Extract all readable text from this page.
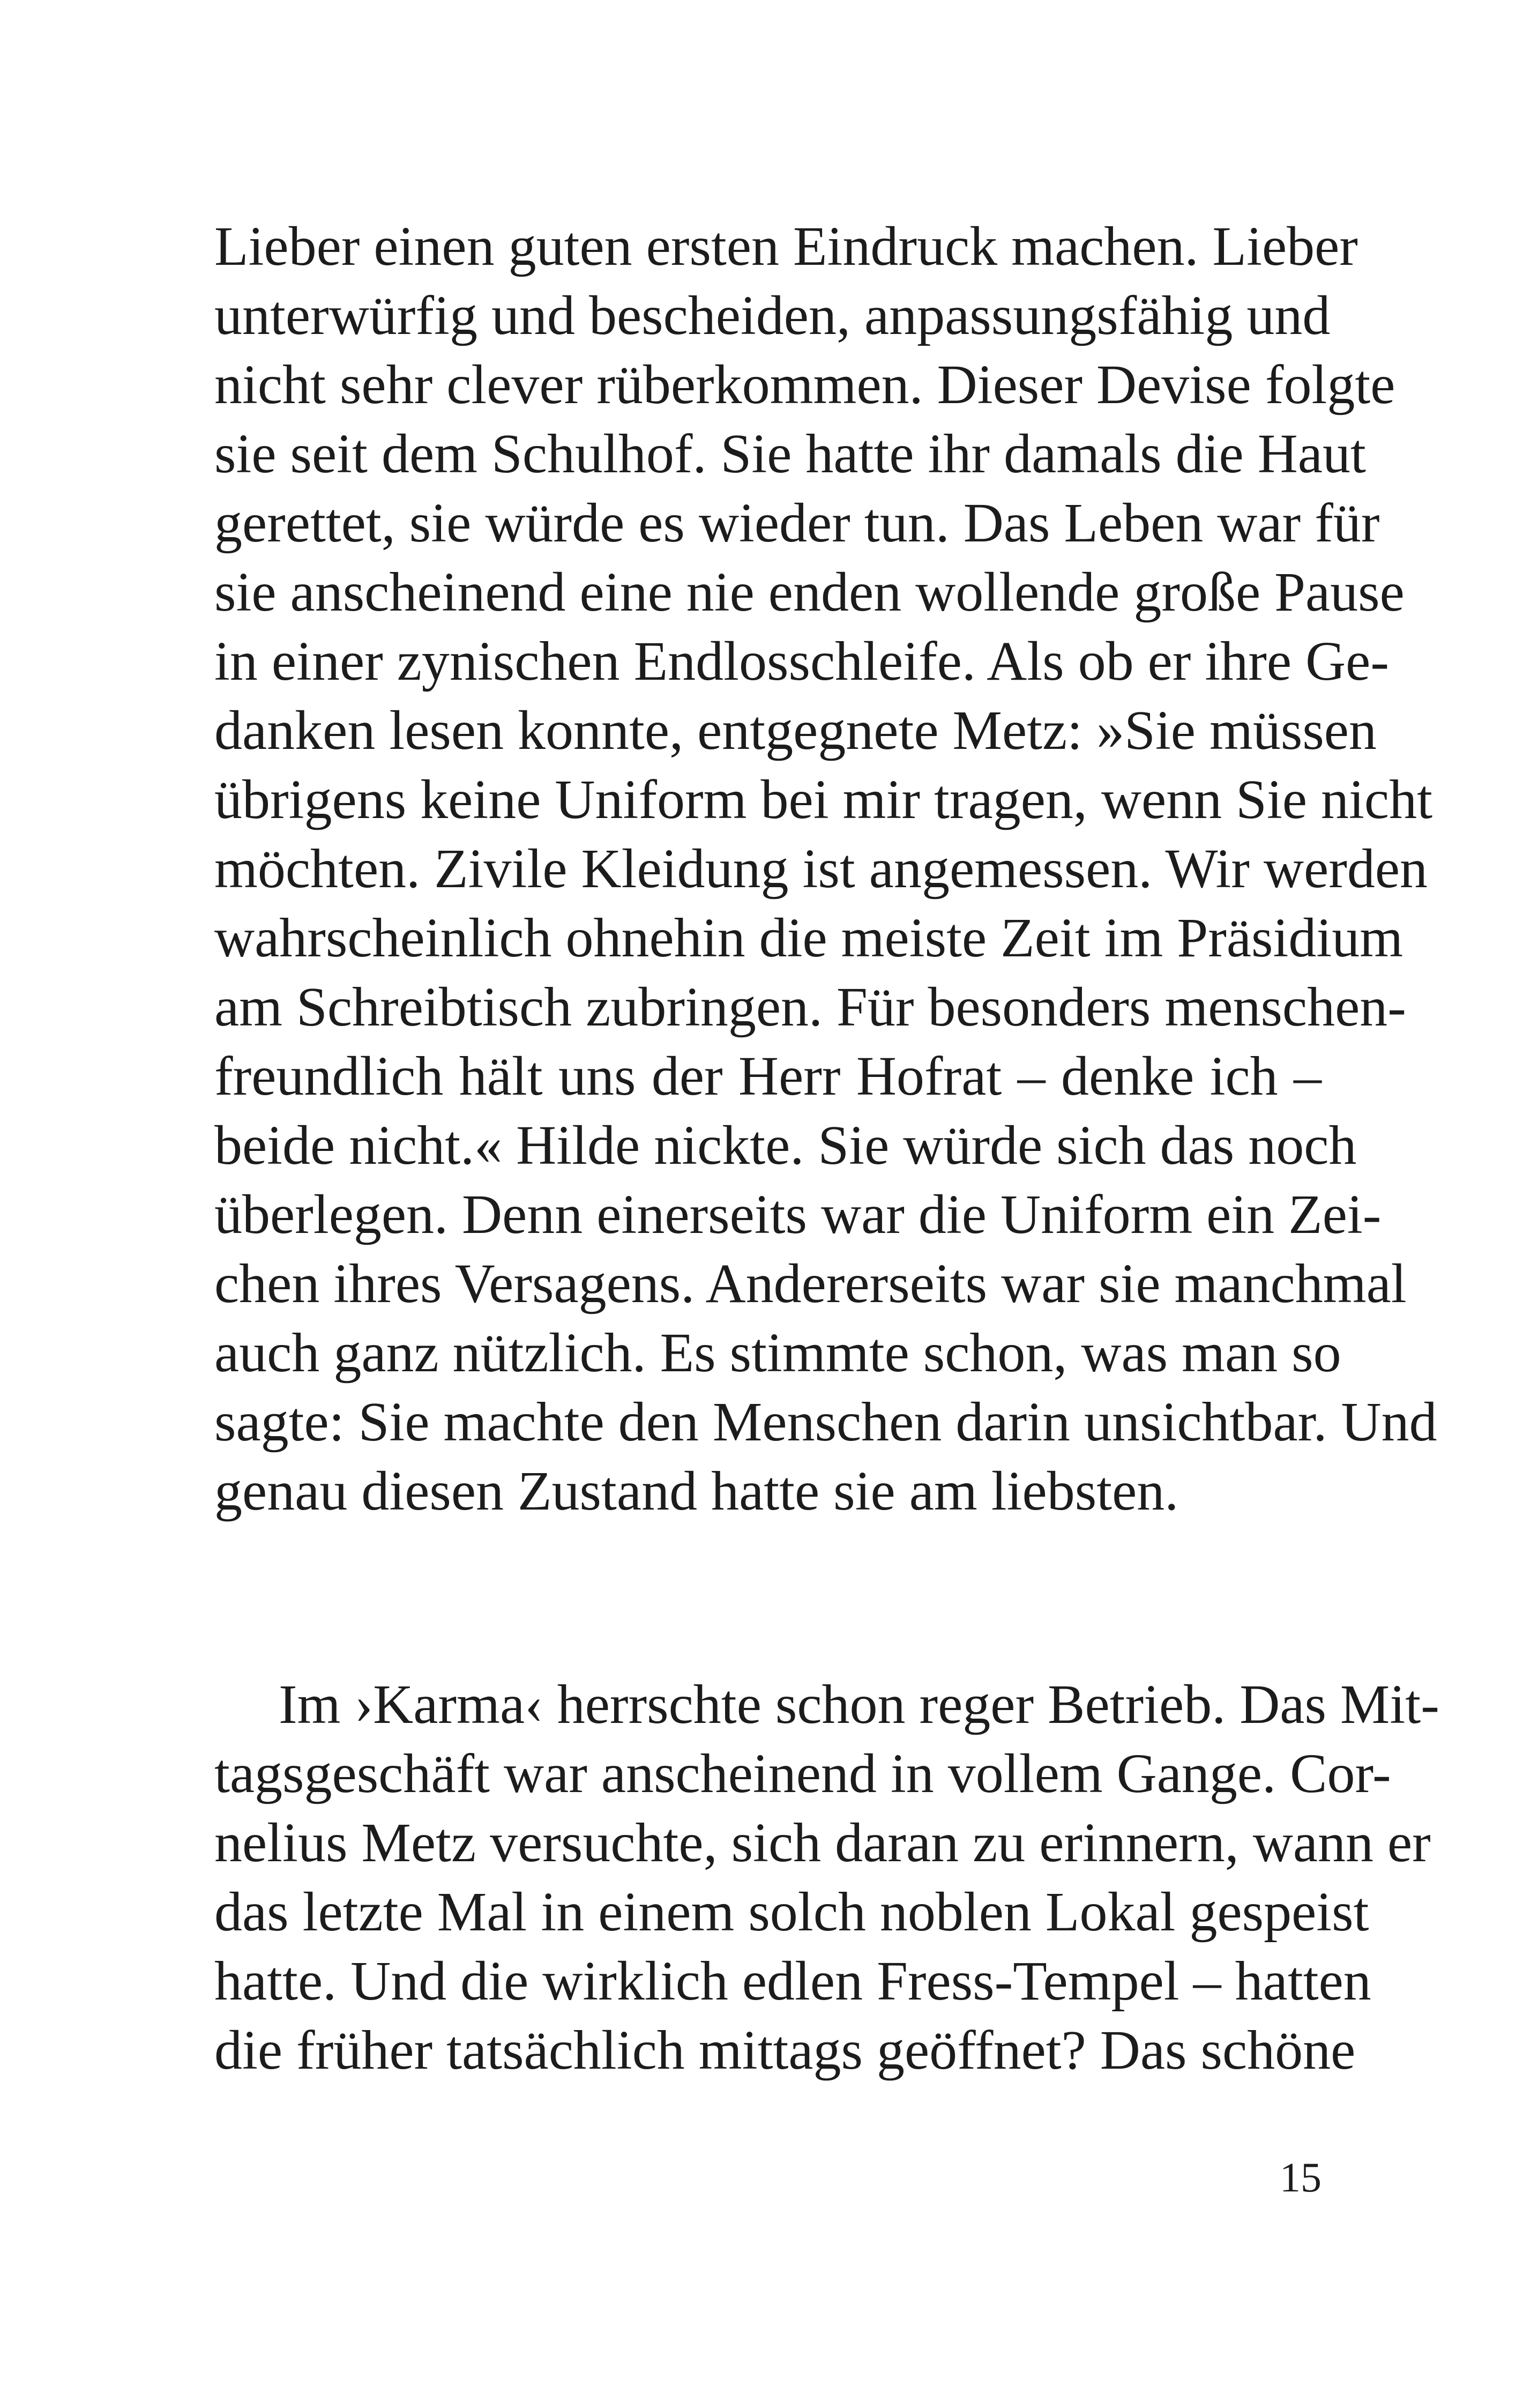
Lieber einen guten ersten Eindruck machen. Lieber
unterwürfig und bescheiden, anpassungsfähig und
nicht sehr clever rüberkommen. Dieser Devise folgte
sie seit dem Schulhof. Sie hatte ihr damals die Haut
gerettet, sie würde es wieder tun. Das Leben war für
sie anscheinend eine nie enden wollende große Pause
in einer zynischen Endlosschleife. Als ob er ihre Ge-
danken lesen konnte, entgegnete Metz: »Sie müssen
übrigens keine Uniform bei mir tragen, wenn Sie nicht
möchten. Zivile Kleidung ist angemessen. Wir werden
wahrscheinlich ohnehin die meiste Zeit im Präsidium
am Schreibtisch zubringen. Für besonders menschen-
freundlich hält uns der Herr Hofrat – denke ich –
beide nicht.« Hilde nickte. Sie würde sich das noch
überlegen. Denn einerseits war die Uniform ein Zei-
chen ihres Versagens. Andererseits war sie manchmal
auch ganz nützlich. Es stimmte schon, was man so
sagte: Sie machte den Menschen darin unsichtbar. Und
genau diesen Zustand hatte sie am liebsten.
Im ›Karma‹ herrschte schon reger Betrieb. Das Mit-
tagsgeschäft war anscheinend in vollem Gange. Cor-
nelius Metz versuchte, sich daran zu erinnern, wann er
das letzte Mal in einem solch noblen Lokal gespeist
hatte. Und die wirklich edlen Fress-Tempel – hatten
die früher tatsächlich mittags geöffnet? Das schöne
15
